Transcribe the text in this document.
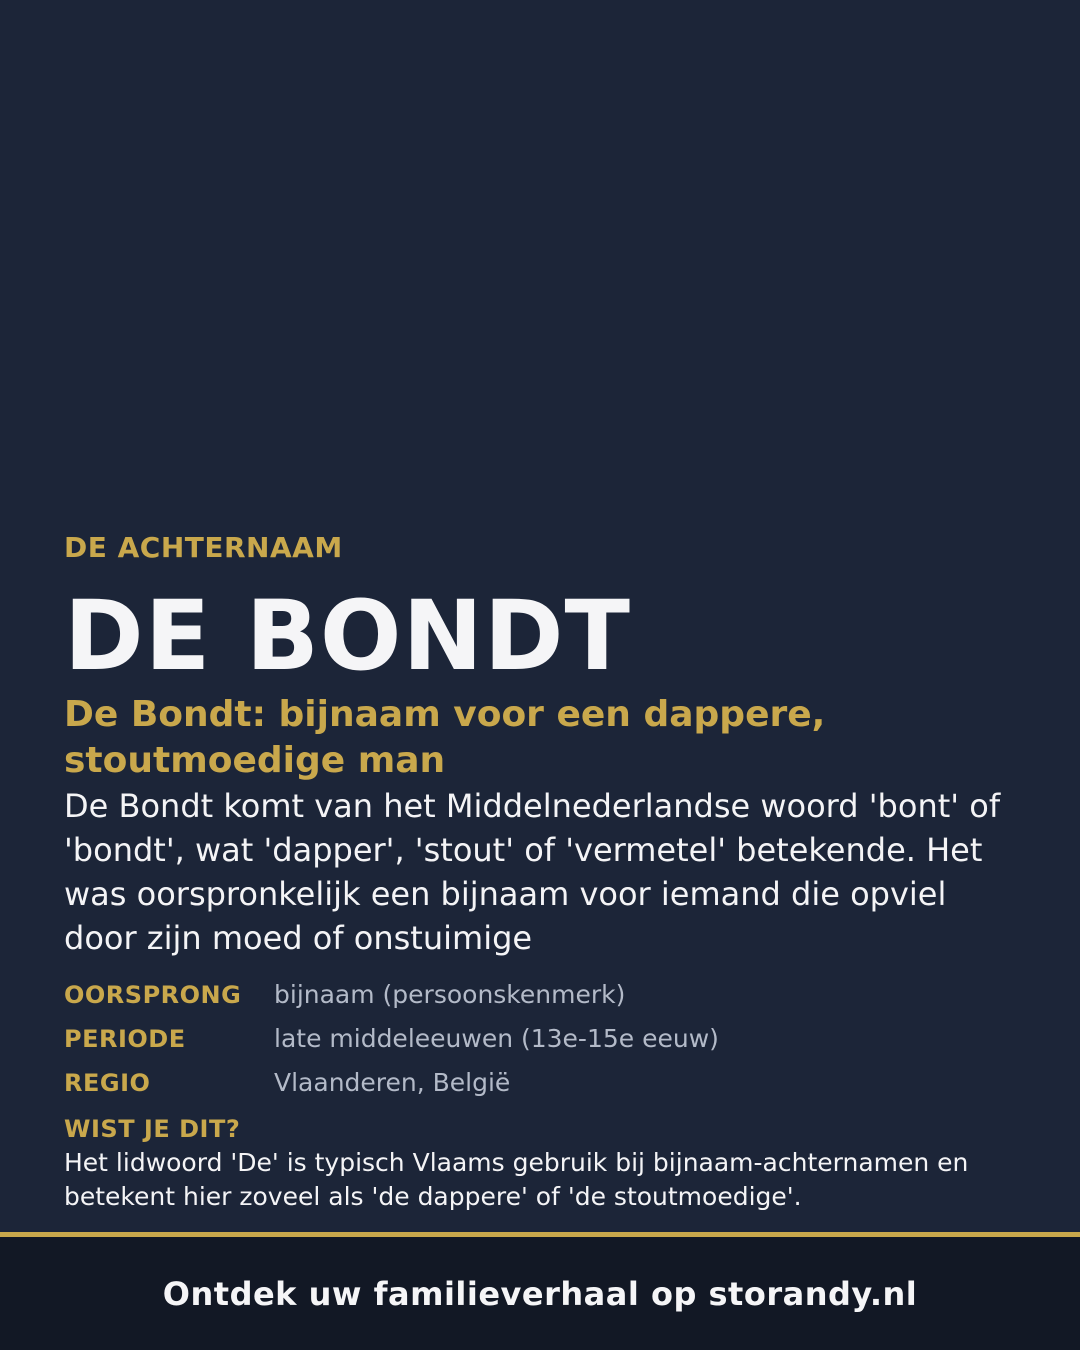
DE ACHTERNAAM

DE BONDT
De Bondt: bijnaam voor een dappere, stoutmoedige man

De Bondt komt van het Middelnederlandse woord 'bont' of 'bondt', wat 'dapper', 'stout' of 'vermetel' betekende. Het was oorspronkelijk een bijnaam voor iemand die opviel door zijn moed of onstuimige

OORSPRONG	bijnaam (persoonskenmerk)
PERIODE	late middeleeuwen (13e-15e eeuw)
REGIO	Vlaanderen, België
WIST JE DIT?

Het lidwoord 'De' is typisch Vlaams gebruik bij bijnaam-achternamen en betekent hier zoveel als 'de dappere' of 'de stoutmoedige'.

Ontdek uw familieverhaal op storandy.nl
